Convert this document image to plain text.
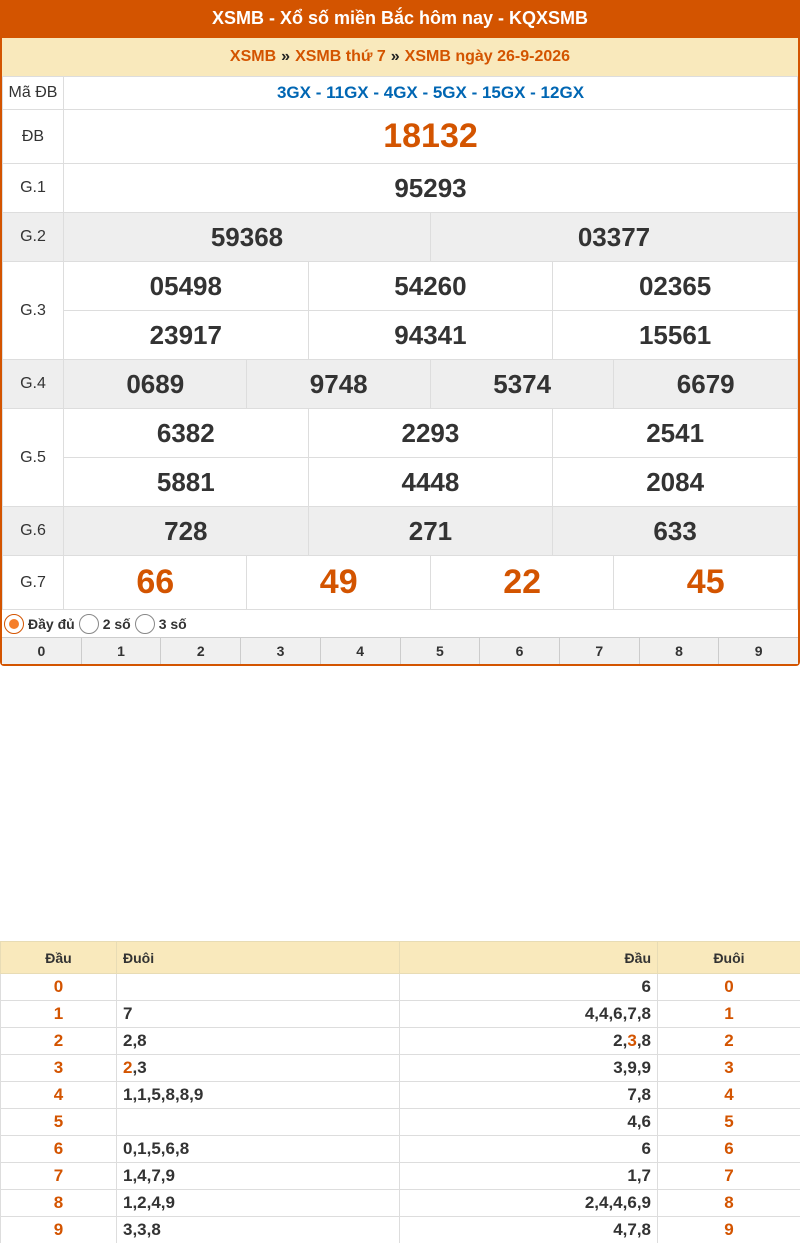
XSMB - Xổ số miền Bắc hôm nay - KQXSMB
XSMB » XSMB thứ 7 » XSMB ngày 26-9-2026
Mã ĐB	3GX - 11GX - 4GX - 5GX - 15GX - 12GX					
ĐB	18132					
G.1	95293					
G.2	59368			03377		
G.3	05498		54260		02365	
	23917		94341		15561	
G.4	0689	9748		5374		6679
G.5	6382		2293		2541	
	5881		4448		2084	
G.6	728		271		633	
G.7	66	49		22		45
Đầy đủ 2 số 3 số
0	1	2	3	4	5	6	7	8	9
Đầu	Đuôi	Đầu	Đuôi
0		6	0
1	7	4,4,6,7,8	1
2	2,8	2,3,8	2
3	2,3	3,9,9	3
4	1,1,5,8,8,9	7,8	4
5		4,6	5
6	0,1,5,6,8	6	6
7	1,4,7,9	1,7	7
8	1,2,4,9	2,4,4,6,9	8
9	3,3,8	4,7,8	9
